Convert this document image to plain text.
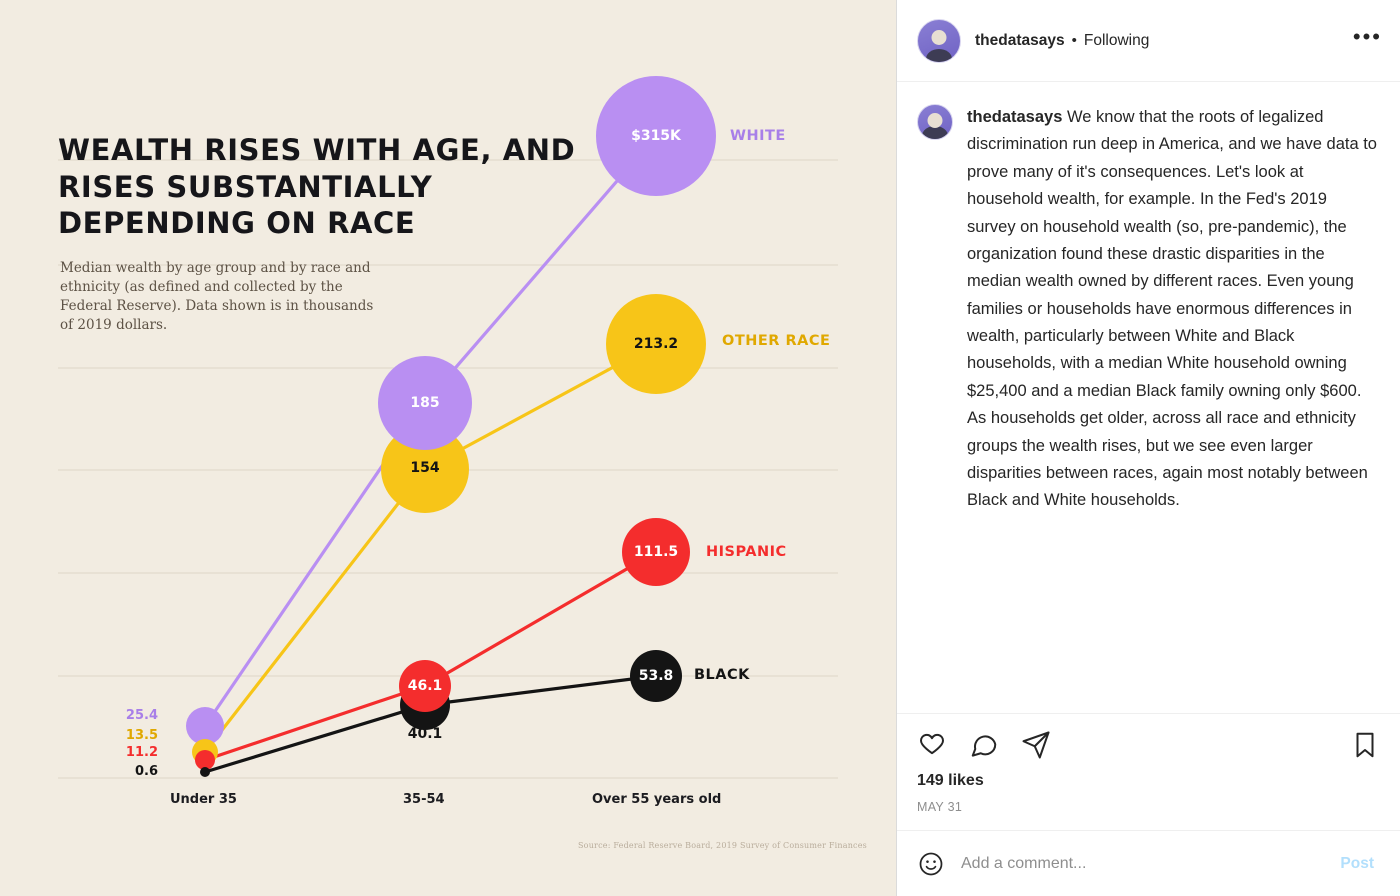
WEALTH RISES WITH AGE, AND RISES SUBSTANTIALLY DEPENDING ON RACE
Median wealth by age group and by race and ethnicity (as defined and collected by the Federal Reserve). Data shown is in thousands of 2019 dollars.
Source: Federal Reserve Board, 2019 Survey of Consumer Finances
Under 35	35-54	Over 55 years old
25.4
13.5
11.2
0.6
185
154
46.1
40.1
$315K
213.2
111.5
53.8
WHITE
OTHER RACE
HISPANIC
BLACK
thedatasays • Following	•••
thedatasays We know that the roots of legalized discrimination run deep in America, and we have data to prove many of it's consequences. Let's look at household wealth, for example. In the Fed's 2019 survey on household wealth (so, pre-pandemic), the organization found these drastic disparities in the median wealth owned by different races. Even young families or households have enormous differences in wealth, particularly between White and Black households, with a median White household owning $25,400 and a median Black family owning only $600. As households get older, across all race and ethnicity groups the wealth rises, but we see even larger disparities between races, again most notably between Black and White households.
149 likes
MAY 31
Add a comment...
Post
